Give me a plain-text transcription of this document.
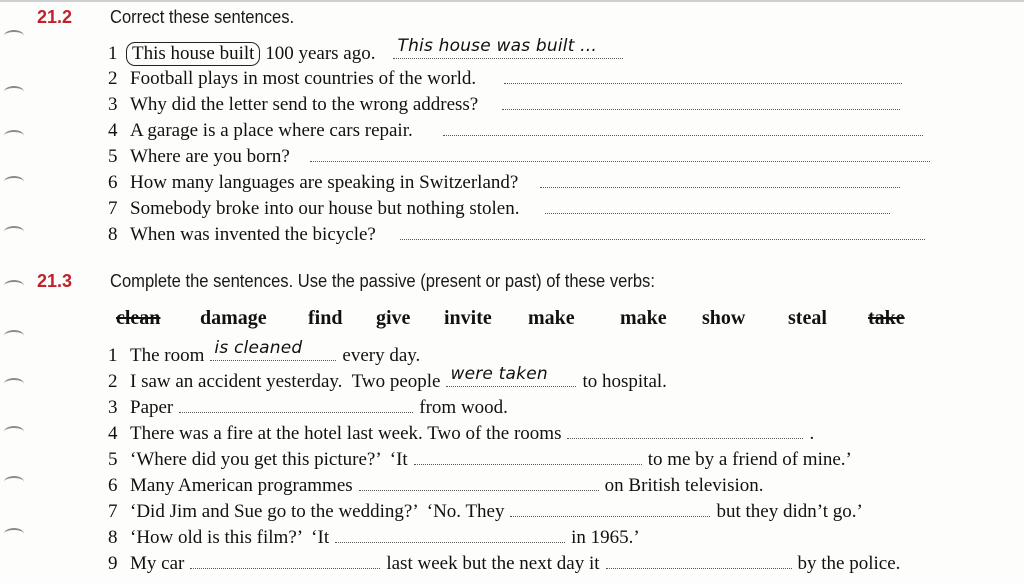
21.2 Correct these sentences.
1 This house built 100 years ago. This house was built ...
2 Football plays in most countries of the world.
3 Why did the letter send to the wrong address?
4 A garage is a place where cars repair.
5 Where are you born?
6 How many languages are speaking in Switzerland?
7 Somebody broke into our house but nothing stolen.
8 When was invented the bicycle?
21.3 Complete the sentences. Use the passive (present or past) of these verbs:
clean damage find give invite make make show steal take
1 The room is cleaned every day.
2 I saw an accident yesterday.  Two people were taken to hospital.
3 Paper	from wood.
4 There was a fire at the hotel last week. Two of the rooms	.
5 ‘Where did you get this picture?’  ‘It	to me by a friend of mine.’
6 Many American programmes	on British television.
7 ‘Did Jim and Sue go to the wedding?’  ‘No. They	but they didn’t go.’
8 ‘How old is this film?’  ‘It	in 1965.’
9 My car	last week but the next day it	by the police.
